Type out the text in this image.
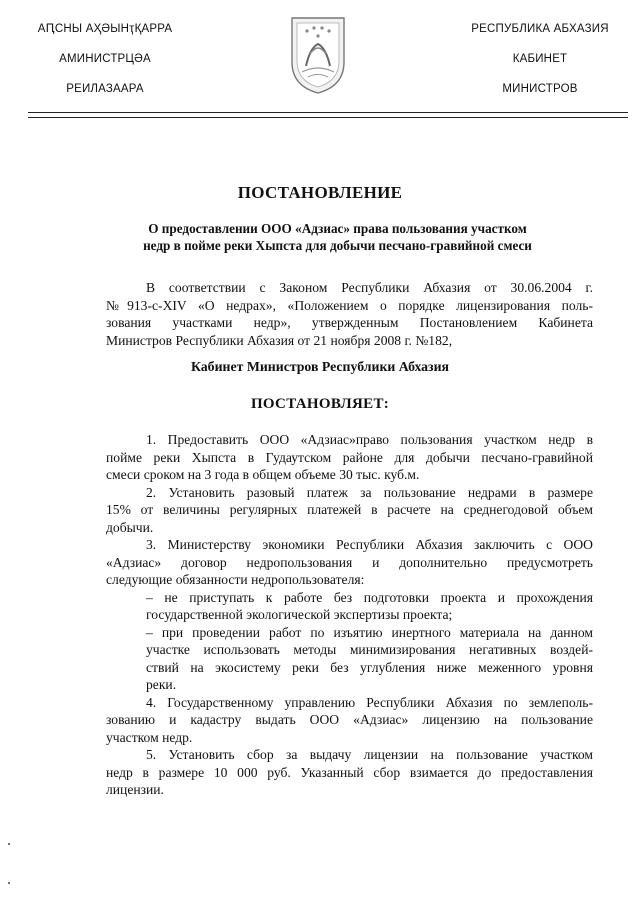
АԤСНЫ АҲӘЫНҭҚАРРА
АМИНИСТРЦӘА
РЕИЛАЗААРА
РЕСПУБЛИКА АБХАЗИЯ
КАБИНЕТ
МИНИСТРОВ
ПОСТАНОВЛЕНИЕ
О предоставлении ООО «Адзиас» права пользования участком
недр в пойме реки Хыпста для добычи песчано-гравийной смеси
В соответствии с Законом Республики Абхазия от 30.06.2004 г.
№913-с-XIV «О недрах», «Положением о порядке лицензирования поль-
зования участками недр», утвержденным Постановлением Кабинета
Министров Республики Абхазия от 21 ноября 2008 г. №182,
Кабинет Министров Республики Абхазия
ПОСТАНОВЛЯЕТ:
1. Предоставить ООО «Адзиас»право пользования участком недр в
пойме реки Хыпста в Гудаутском районе для добычи песчано-гравийной
смеси сроком на 3 года в общем объеме 30 тыс. куб.м.
2. Установить разовый платеж за пользование недрами в размере
15% от величины регулярных платежей в расчете на среднегодовой объем
добычи.
3. Министерству экономики Республики Абхазия заключить с ООО
«Адзиас» договор недропользования и дополнительно предусмотреть
следующие обязанности недропользователя:
– не приступать к работе без подготовки проекта и прохождения
государственной экологической экспертизы проекта;
– при проведении работ по изъятию инертного материала на данном
участке использовать методы минимизирования негативных воздей-
ствий на экосистему реки без углубления ниже меженного уровня
реки.
4. Государственному управлению Республики Абхазия по землеполь-
зованию и кадастру выдать ООО «Адзиас» лицензию на пользование
участком недр.
5. Установить сбор за выдачу лицензии на пользование участком
недр в размере 10 000 руб. Указанный сбор взимается до предоставления
лицензии.
